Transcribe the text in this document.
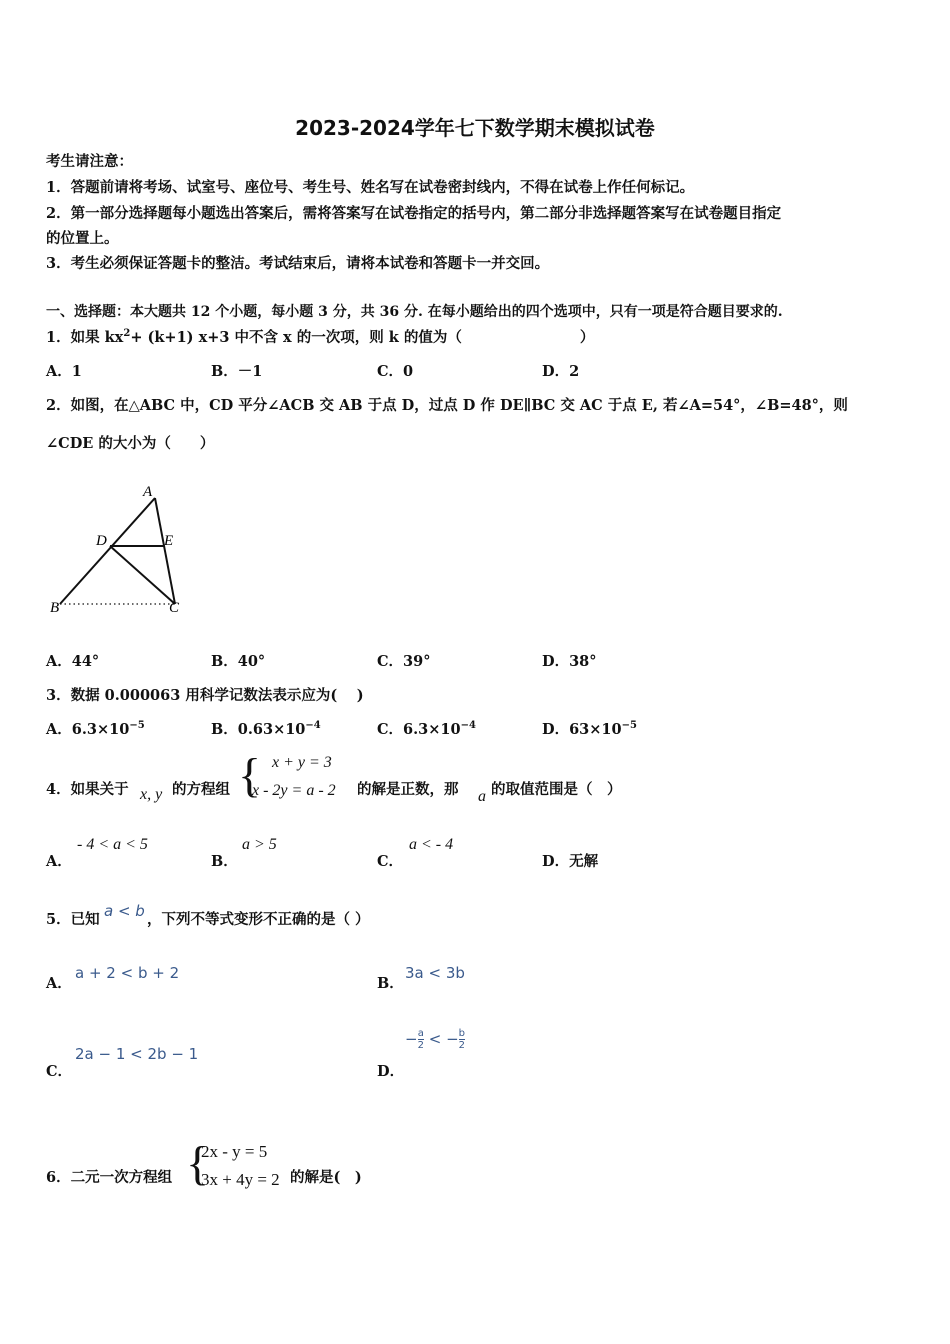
2023-2024学年七下数学期末模拟试卷
考生请注意：
1．答题前请将考场、试室号、座位号、考生号、姓名写在试卷密封线内，不得在试卷上作任何标记。
2．第一部分选择题每小题选出答案后，需将答案写在试卷指定的括号内，第二部分非选择题答案写在试卷题目指定
的位置上。
3．考生必须保证答题卡的整洁。考试结束后，请将本试卷和答题卡一并交回。
一、选择题：本大题共 12 个小题，每小题 3 分，共 36 分. 在每小题给出的四个选项中，只有一项是符合题目要求的.
1．如果 $kx^2+ (k+1)$ x+3 中不含 x 的一次项，则 k 的值为（	）
A．1	B．－1	C．0	D．2
2．如图，在△ABC 中，CD 平分∠ACB 交 AB 于点 D，过点 D 作 DE∥BC 交 AC 于点 E, 若∠A=54°，∠B=48°，则
∠CDE 的大小为（　　）
A
D	E
B	C
A．44°	B．40°	C．39°	D．38°
3．数据 0.000063 用科学记数法表示应为(　 )
A．$6.3\times 10^{-5}$	B．$0.63\times 10^{-4}$	C．$6.3\times 10^{-4}$	D．$63\times 10^{-5}$
4．如果关于 x, y 的方程组 { x + y = 3
x - 2y = a - 2 的解是正数，那 a 的取值范围是（　）
A．
- 4 < a < 5
B．
a > 5
C．
a < - 4
D．无解
5．已知 a < b ，下列不等式变形不正确的是（ ）
A．
a + 2 < b + 2
B．
3a < 3b
C．
2a − 1 < 2b − 1
D．
− $\frac{a}{2}$ < − $\frac{b}{2}$
6．二元一次方程组 {
2x - y = 5
3x + 4y = 2 的解是(　)
